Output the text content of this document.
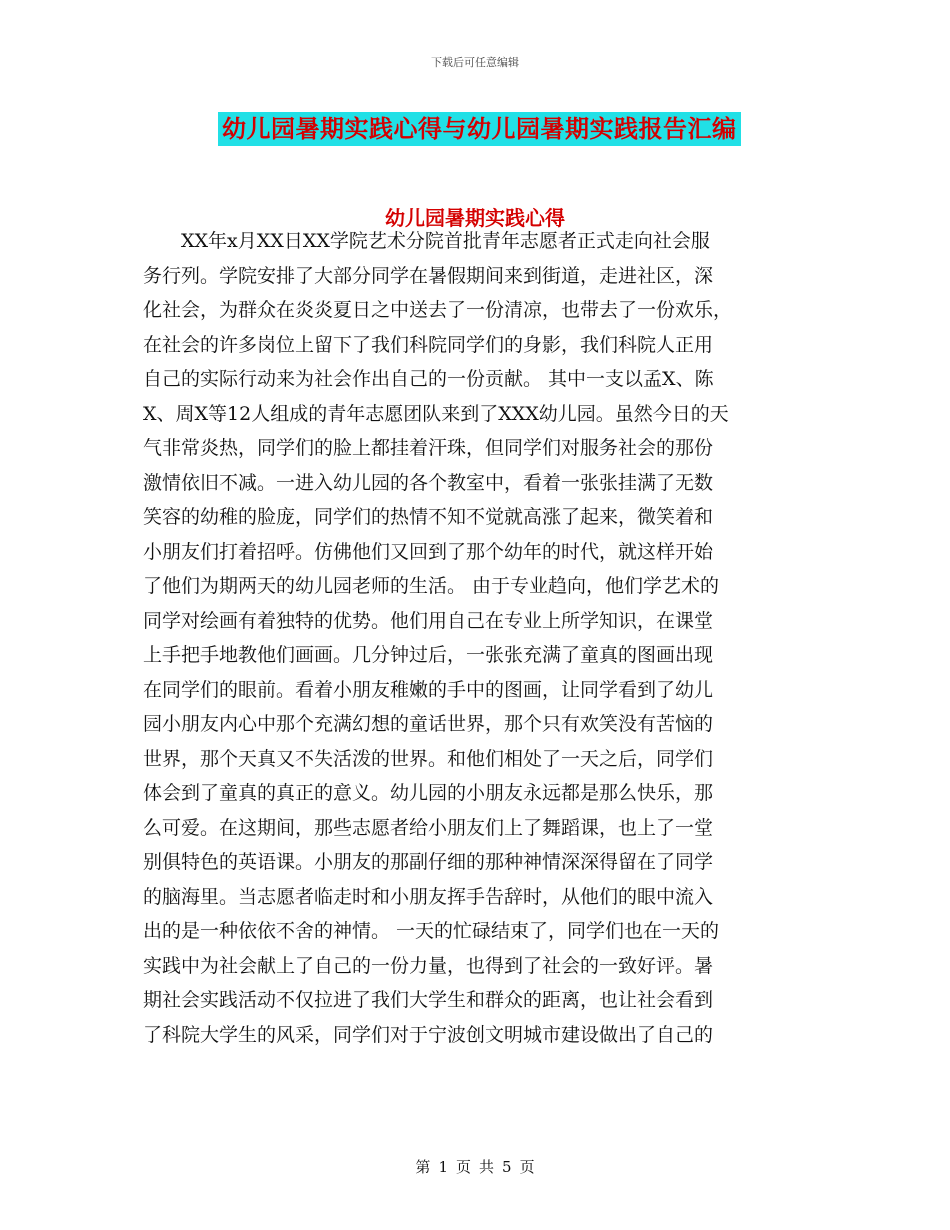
下载后可任意编辑
幼儿园暑期实践心得与幼儿园暑期实践报告汇编
幼儿园暑期实践心得
　　XX年x月XX日XX学院艺术分院首批青年志愿者正式走向社会服
务行列。学院安排了大部分同学在暑假期间来到街道，走进社区，深
化社会，为群众在炎炎夏日之中送去了一份清凉，也带去了一份欢乐，
在社会的许多岗位上留下了我们科院同学们的身影，我们科院人正用
自己的实际行动来为社会作出自己的一份贡献。 其中一支以孟X、陈
X、周X等12人组成的青年志愿团队来到了XXX幼儿园。虽然今日的天
气非常炎热，同学们的脸上都挂着汗珠，但同学们对服务社会的那份
激情依旧不减。一进入幼儿园的各个教室中，看着一张张挂满了无数
笑容的幼稚的脸庞，同学们的热情不知不觉就高涨了起来，微笑着和
小朋友们打着招呼。仿佛他们又回到了那个幼年的时代，就这样开始
了他们为期两天的幼儿园老师的生活。 由于专业趋向，他们学艺术的
同学对绘画有着独特的优势。他们用自己在专业上所学知识，在课堂
上手把手地教他们画画。几分钟过后，一张张充满了童真的图画出现
在同学们的眼前。看着小朋友稚嫩的手中的图画，让同学看到了幼儿
园小朋友内心中那个充满幻想的童话世界，那个只有欢笑没有苦恼的
世界，那个天真又不失活泼的世界。和他们相处了一天之后，同学们
体会到了童真的真正的意义。幼儿园的小朋友永远都是那么快乐，那
么可爱。在这期间，那些志愿者给小朋友们上了舞蹈课，也上了一堂
别俱特色的英语课。小朋友的那副仔细的那种神情深深得留在了同学
的脑海里。当志愿者临走时和小朋友挥手告辞时，从他们的眼中流入
出的是一种依依不舍的神情。 一天的忙碌结束了，同学们也在一天的
实践中为社会献上了自己的一份力量，也得到了社会的一致好评。暑
期社会实践活动不仅拉进了我们大学生和群众的距离，也让社会看到
了科院大学生的风采，同学们对于宁波创文明城市建设做出了自己的
第 1 页 共 5 页
